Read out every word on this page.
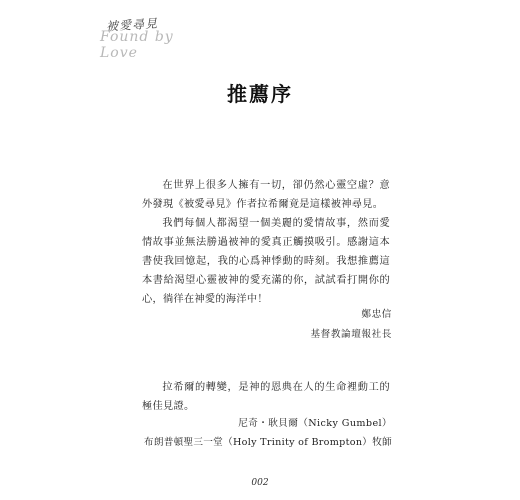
被愛尋見
Found by Love
推薦序

在世界上很多人擁有一切，卻仍然心靈空虛？意外發現《被愛尋見》作者拉希爾竟是這樣被神尋見。

我們每個人都渴望一個美麗的愛情故事，然而愛情故事並無法勝過被神的愛真正觸摸吸引。感謝這本書使我回憶起，我的心爲神悸動的時刻。我想推薦這本書給渴望心靈被神的愛充滿的你，試試看打開你的心，徜徉在神愛的海洋中！

鄭忠信

基督教論壇報社長

拉希爾的轉變，是神的恩典在人的生命裡動工的極佳見證。

尼奇・耿貝爾（Nicky Gumbel）

布朗普頓聖三一堂（Holy Trinity of Brompton）牧師

002
